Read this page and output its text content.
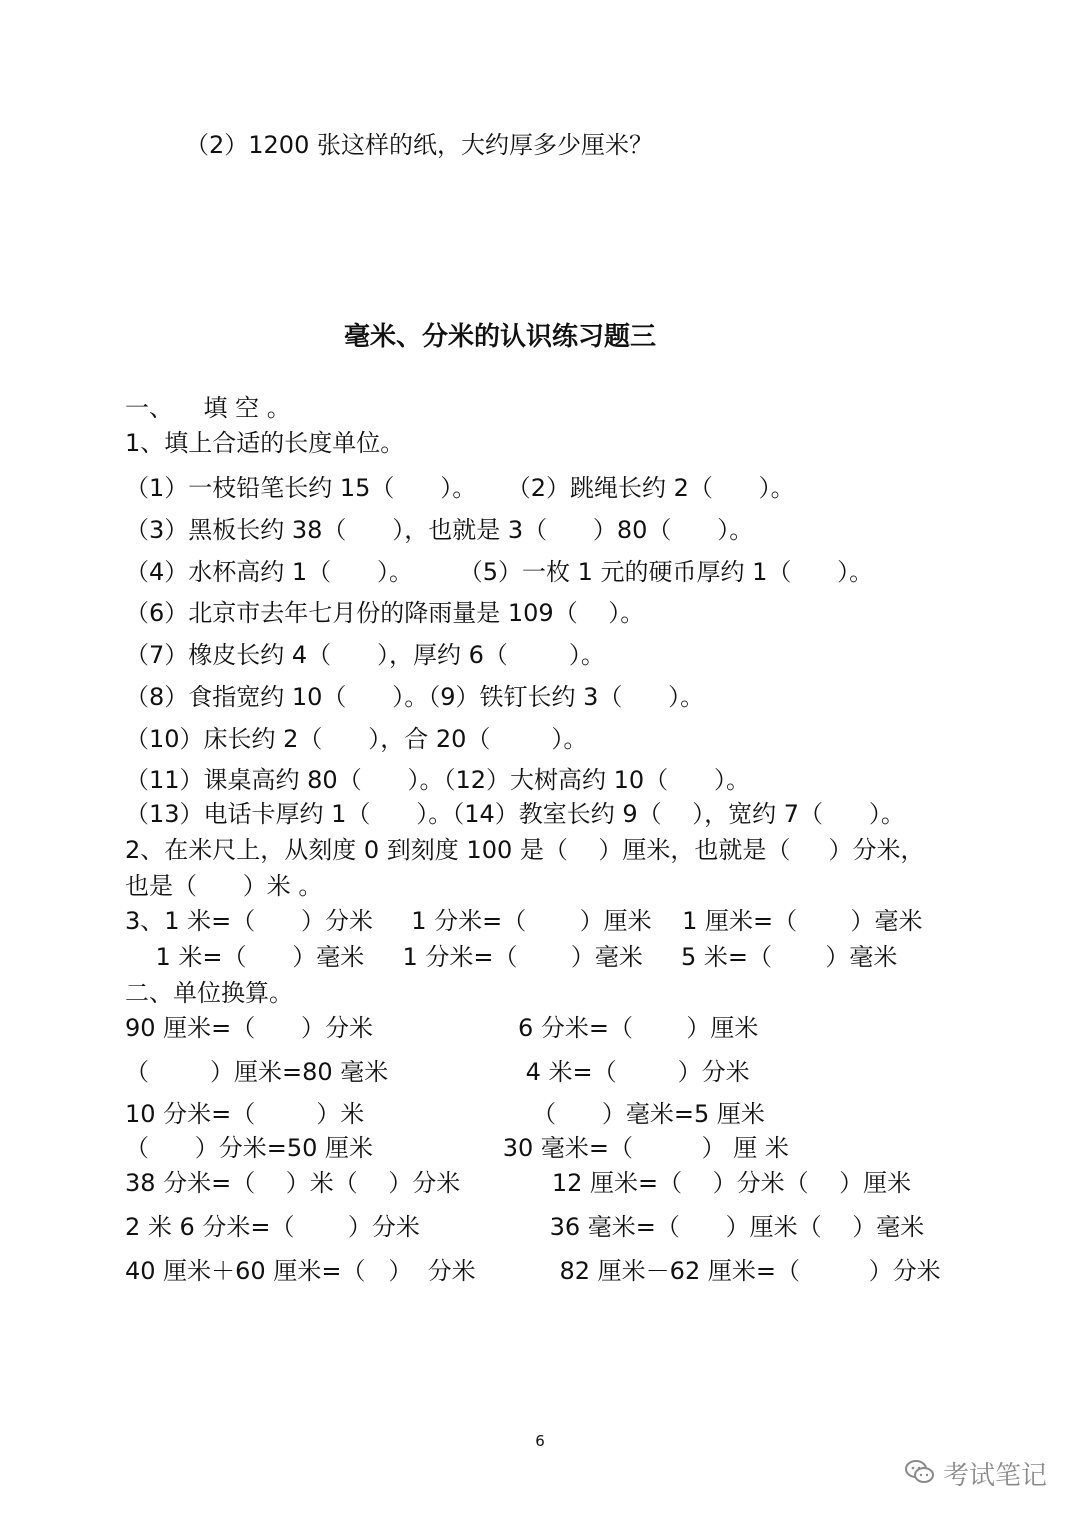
（2）1200 张这样的纸，大约厚多少厘米？
毫米、分米的认识练习题三
一、    填 空 。
1、填上合适的长度单位。
（1）一枝铅笔长约 15（      ）。    （2）跳绳长约 2（      ）。
（3）黑板长约 38（      ），也就是 3（      ）80（      ）。
（4）水杯高约 1（      ）。      （5）一枚 1 元的硬币厚约 1（      ）。
（6）北京市去年七月份的降雨量是 109（    ）。
（7）橡皮长约 4（      ），厚约 6（        ）。
（8）食指宽约 10（      ）。（9）铁钉长约 3（      ）。
（10）床长约 2（      ），合 20（        ）。
（11）课桌高约 80（      ）。（12）大树高约 10（      ）。
（13）电话卡厚约 1（      ）。（14）教室长约 9（    ），宽约 7（      ）。
2、在米尺上，从刻度 0 到刻度 100 是（    ）厘米，也就是（     ）分米，
也是（      ）米 。
3、1 米=（      ）分米     1 分米=（       ）厘米    1 厘米=（       ）毫米
1 米=（      ）毫米     1 分米=（       ）毫米     5 米=（       ）毫米
二、单位换算。
90 厘米=（      ）分米                   6 分米=（       ）厘米
（        ）厘米=80 毫米                  4 米=（        ）分米
10 分米=（        ）米                      （      ）毫米=5 厘米
（      ）分米=50 厘米                 30 毫米=（         ） 厘 米
38 分米=（    ）米（    ）分米            12 厘米=（    ）分米（    ）厘米
2 米 6 分米=（       ）分米                 36 毫米=（      ）厘米（    ）毫米
40 厘米＋60 厘米=（   ）  分米           82 厘米－62 厘米=（         ）分米
6
考试笔记
